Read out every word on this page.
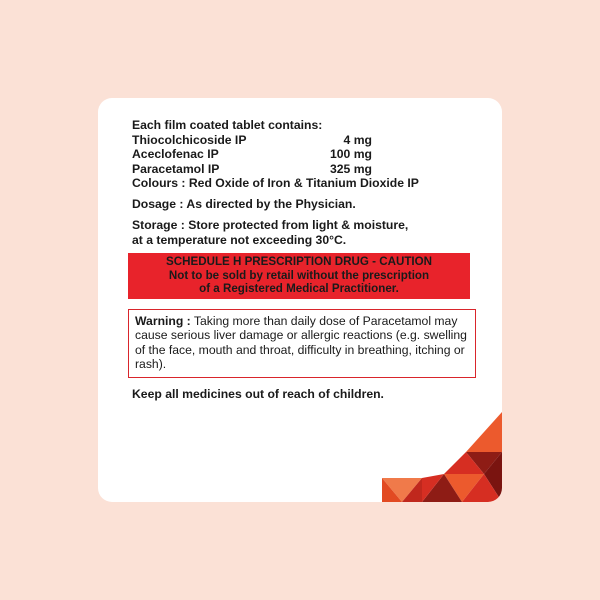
Each film coated tablet contains:
Thiocolchicoside IP	4 mg
Aceclofenac IP	100 mg
Paracetamol IP	325 mg
Colours : Red Oxide of Iron & Titanium Dioxide IP
Dosage : As directed by the Physician.
Storage : Store protected from light & moisture,
at a temperature not exceeding 30°C.
SCHEDULE H PRESCRIPTION DRUG - CAUTION
Not to be sold by retail without the prescription
of a Registered Medical Practitioner.
Warning : Taking more than daily dose of Paracetamol may cause serious liver damage or allergic reactions (e.g. swelling of the face, mouth and throat, difficulty in breathing, itching or rash).
Keep all medicines out of reach of children.
